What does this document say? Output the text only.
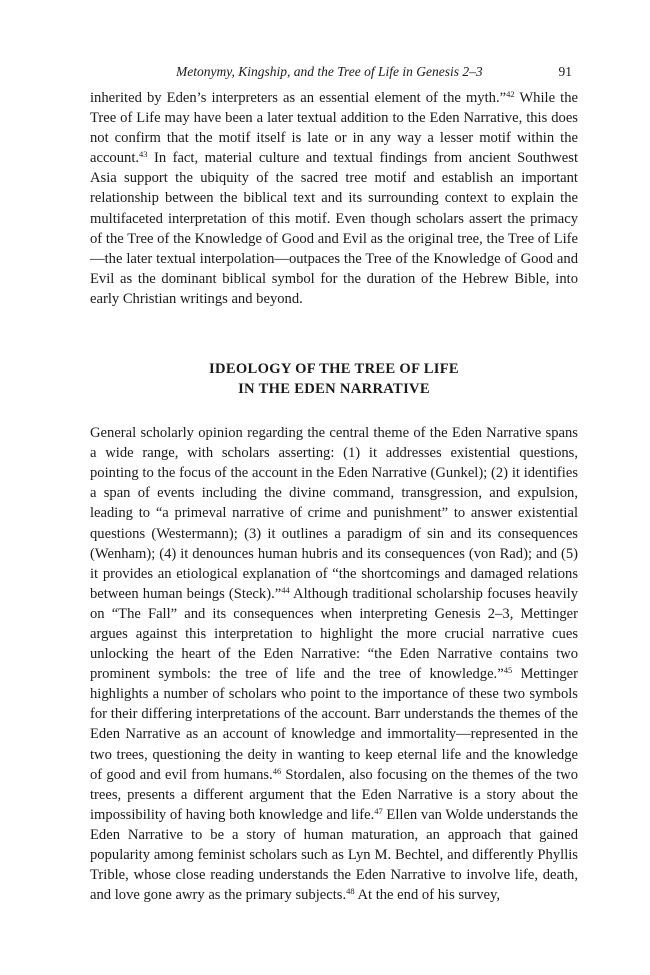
Metonymy, Kingship, and the Tree of Life in Genesis 2–3	91

inherited by Eden’s interpreters as an essential element of the myth.”$^{42}$ While the Tree of Life may have been a later textual addition to the Eden Narrative, this does not confirm that the motif itself is late or in any way a lesser motif within the account.$^{43}$ In fact, material culture and textual findings from ancient Southwest Asia support the ubiquity of the sacred tree motif and establish an important relationship between the biblical text and its surrounding context to explain the multifaceted interpretation of this motif. Even though scholars assert the primacy of the Tree of the Knowledge of Good and Evil as the original tree, the Tree of Life—the later textual interpolation—outpaces the Tree of the Knowledge of Good and Evil as the dominant biblical symbol for the duration of the Hebrew Bible, into early Christian writings and beyond.

IDEOLOGY OF THE TREE OF LIFE
IN THE EDEN NARRATIVE

General scholarly opinion regarding the central theme of the Eden Narrative spans a wide range, with scholars asserting: (1) it addresses existential questions, pointing to the focus of the account in the Eden Narrative (Gunkel); (2) it identifies a span of events including the divine command, transgression, and expulsion, leading to “a primeval narrative of crime and punishment” to answer existential questions (Westermann); (3) it outlines a paradigm of sin and its consequences (Wenham); (4) it denounces human hubris and its consequences (von Rad); and (5) it provides an etiological explanation of “the shortcomings and damaged relations between human beings (Steck).”$^{44}$ Although traditional scholarship focuses heavily on “The Fall” and its consequences when interpreting Genesis 2–3, Mettinger argues against this interpretation to highlight the more crucial narrative cues unlocking the heart of the Eden Narrative: “the Eden Narrative contains two prominent symbols: the tree of life and the tree of knowledge.”$^{45}$ Mettinger highlights a number of scholars who point to the importance of these two symbols for their differing interpretations of the account. Barr understands the themes of the Eden Narrative as an account of knowledge and immortality—represented in the two trees, questioning the deity in wanting to keep eternal life and the knowledge of good and evil from humans.$^{46}$ Stordalen, also focusing on the themes of the two trees, presents a different argument that the Eden Narrative is a story about the impossibility of having both knowledge and life.$^{47}$ Ellen van Wolde understands the Eden Narrative to be a story of human maturation, an approach that gained popularity among feminist scholars such as Lyn M. Bechtel, and differently Phyllis Trible, whose close reading understands the Eden Narrative to involve life, death, and love gone awry as the primary subjects.$^{48}$ At the end of his survey,
